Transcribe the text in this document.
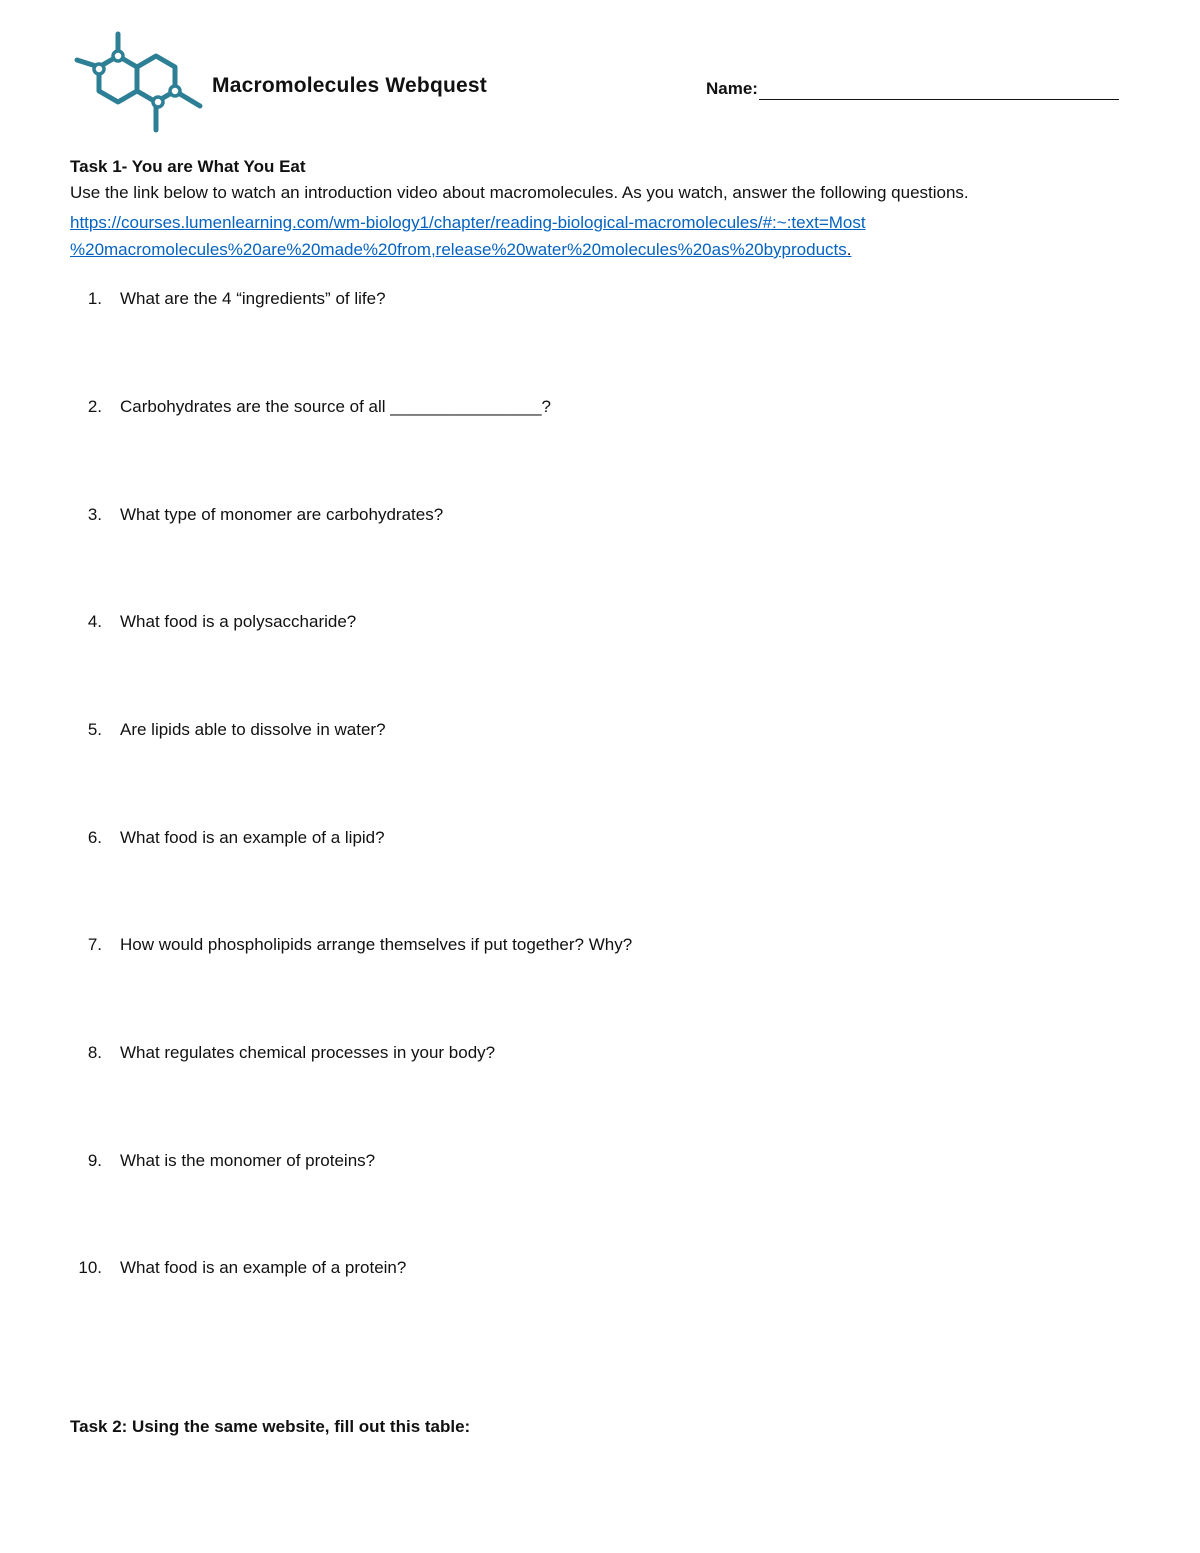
Macromolecules Webquest	Name:
Task 1- You are What You Eat
Use the link below to watch an introduction video about macromolecules. As you watch, answer the following questions.
https://courses.lumenlearning.com/wm-biology1/chapter/reading-biological-macromolecules/#:~:text=Most
%20macromolecules%20are%20made%20from,release%20water%20molecules%20as%20byproducts.
1. What are the 4 “ingredients” of life?
2. Carbohydrates are the source of all ________________?
3. What type of monomer are carbohydrates?
4. What food is a polysaccharide?
5. Are lipids able to dissolve in water?
6. What food is an example of a lipid?
7. How would phospholipids arrange themselves if put together? Why?
8. What regulates chemical processes in your body?
9. What is the monomer of proteins?
10. What food is an example of a protein?
Task 2: Using the same website, fill out this table:
